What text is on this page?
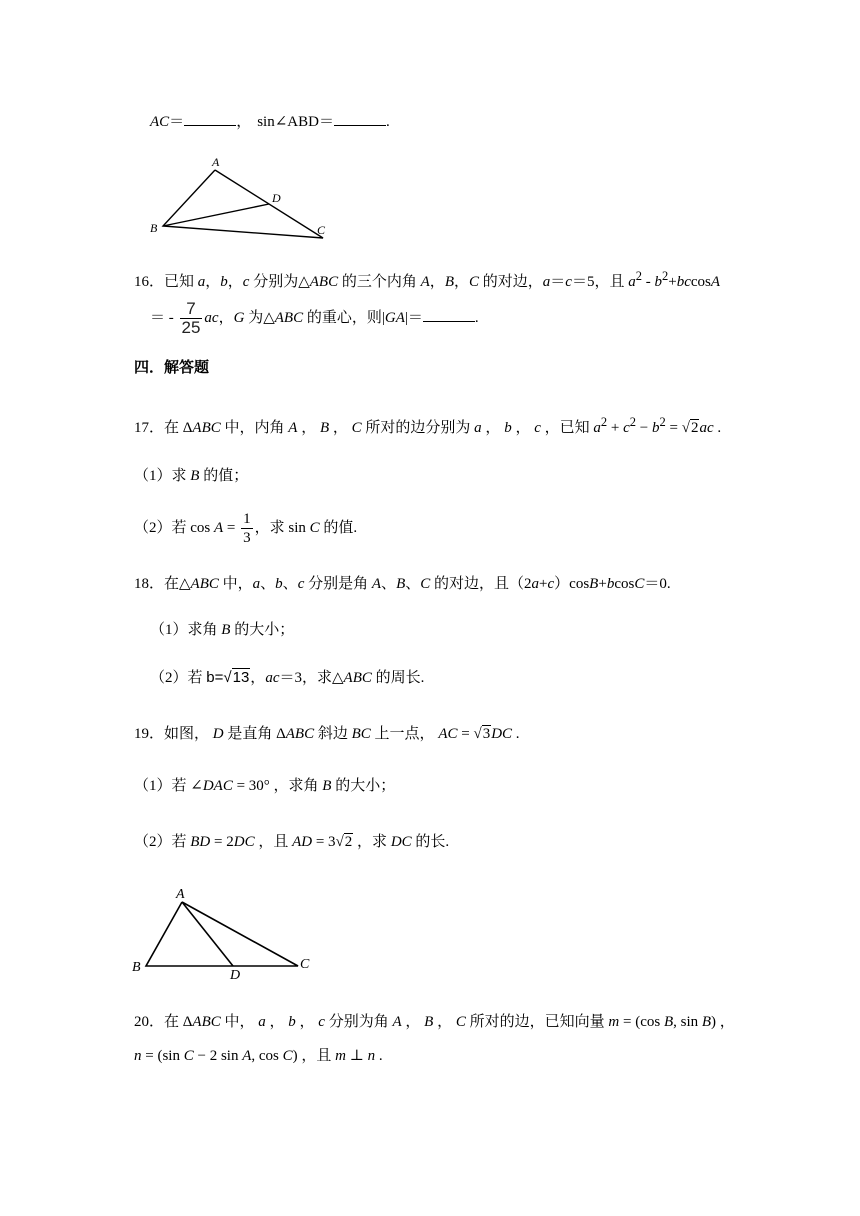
AC＝	， sin∠ABD＝	.
A
B
D
C
16．已知 a，b，c 分别为△ABC 的三个内角 A，B，C 的对边，a＝c＝5，且 $a^2 - b^2+bccosA$
＝ - $\frac{7}{25}$ ac，G 为△ABC 的重心，则|GA|＝	.
四．解答题
17．在 ΔABC 中，内角 A ， B ， C 所对的边分别为 a ， b ， c ，已知 $a^2 + c^2 - b^2 = √2ac$ .
（1）求 B 的值；
（2）若 $\cos A = \frac{1}{3}$ ，求 sin C 的值.
18．在△ABC 中，a、b、c 分别是角 A、B、C 的对边，且（2a+c）cosB+bcosC＝0.
（1）求角 B 的大小；
（2）若 b=√13，ac＝3，求△ABC 的周长.
19．如图， D 是直角 ΔABC 斜边 BC 上一点， AC = √3DC .
（1）若 ∠DAC = 30° ，求角 B 的大小；
（2）若 BD = 2DC ，且 AD = 3√2 ，求 DC 的长.
A
B
D
C
20．在 ΔABC 中， a ， b ， c 分别为角 A ， B ， C 所对的边，已知向量 m = (cos B, sin B) ，
n = (sin C − 2 sin A, cos C) ，且 m ⊥ n .
